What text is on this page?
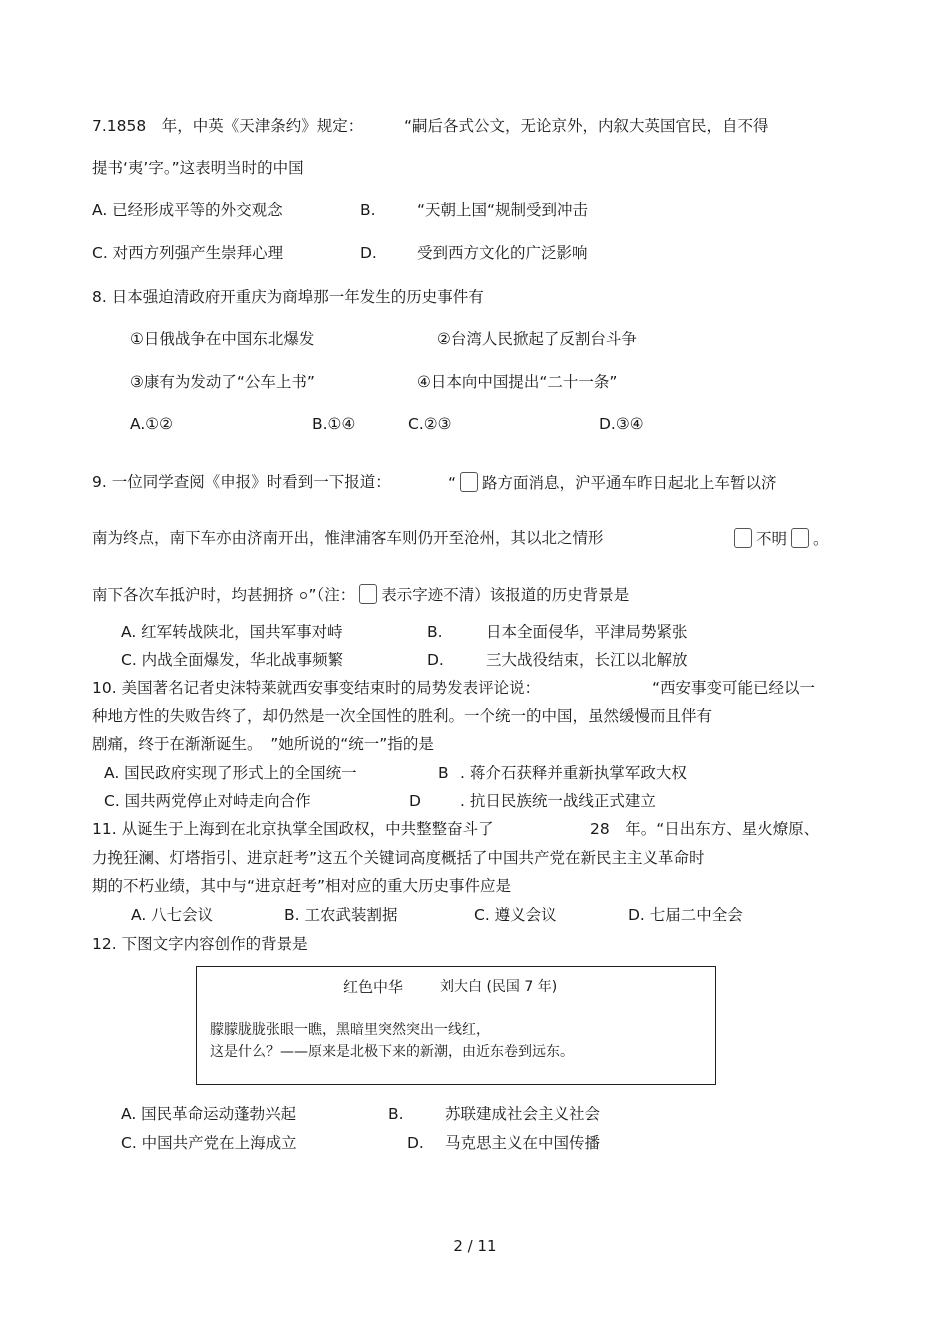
7.1858　年，中英《天津条约》规定：	“嗣后各式公文，无论京外，内叙大英国官民，自不得
提书‘夷’字。”这表明当时的中国
A. 已经形成平等的外交观念	B.	“天朝上国“规制受到冲击
C. 对西方列强产生崇拜心理	D.	受到西方文化的广泛影响
8. 日本强迫清政府开重庆为商埠那一年发生的历史事件有
①日俄战争在中国东北爆发	②台湾人民掀起了反割台斗争
③康有为发动了“公车上书”	④日本向中国提出“二十一条”
A.①②	B.①④	C.②③	D.③④
9. 一位同学查阅《申报》时看到一下报道：	“ 路方面消息，沪平通车昨日起北上车暂以济
南为终点，南下车亦由济南开出，惟津浦客车则仍开至沧州，其以北之情形	不明 。
南下各次车抵沪时，均甚拥挤 ”（注： 表示字迹不清）该报道的历史背景是
A. 红军转战陕北，国共军事对峙	B.	日本全面侵华，平津局势紧张
C. 内战全面爆发，华北战事频繁	D.	三大战役结束，长江以北解放
10. 美国著名记者史沫特莱就西安事变结束时的局势发表评论说：	“西安事变可能已经以一
种地方性的失败告终了，却仍然是一次全国性的胜利。一个统一的中国，虽然缓慢而且伴有
剧痛，终于在渐渐诞生。　”她所说的“统一”指的是
A. 国民政府实现了形式上的全国统一	B . 蒋介石获释并重新执掌军政大权
C. 国共两党停止对峙走向合作	D	. 抗日民族统一战线正式建立
11. 从诞生于上海到在北京执掌全国政权，中共整整奋斗了	28　年。“日出东方、星火燎原、
力挽狂澜、灯塔指引、进京赶考”这五个关键词高度概括了中国共产党在新民主主义革命时
期的不朽业绩，其中与“进京赶考”相对应的重大历史事件应是
A. 八七会议	B. 工农武装割据	C. 遵义会议	D. 七届二中全会
12. 下图文字内容创作的背景是
红色中华	刘大白 (民国 7 年)
朦朦胧胧张眼一瞧，黑暗里突然突出一线红，
这是什么？——原来是北极下来的新潮，由近东卷到远东。
A. 国民革命运动蓬勃兴起	B.	苏联建成社会主义社会
C. 中国共产党在上海成立	D. 马克思主义在中国传播
2 / 11
